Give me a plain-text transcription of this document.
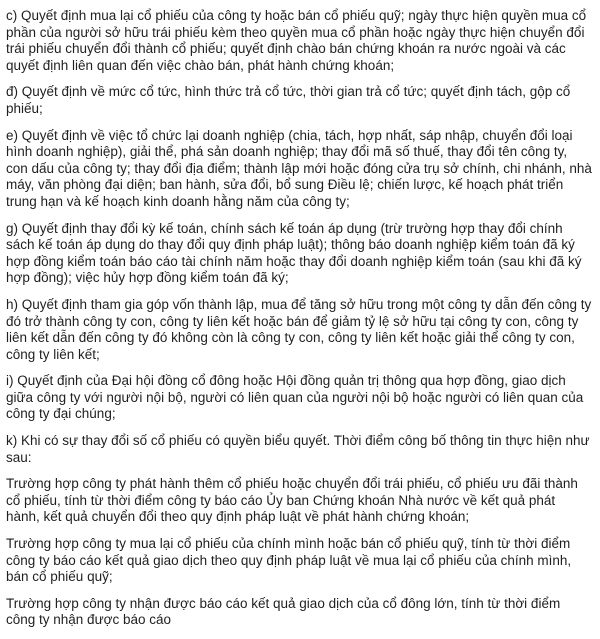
c) Quyết định mua lại cổ phiếu của công ty hoặc bán cổ phiếu quỹ; ngày thực hiện quyền mua cổ phần của người sở hữu trái phiếu kèm theo quyền mua cổ phần hoặc ngày thực hiện chuyển đổi trái phiếu chuyển đổi thành cổ phiếu; quyết định chào bán chứng khoán ra nước ngoài và các quyết định liên quan đến việc chào bán, phát hành chứng khoán;

đ) Quyết định về mức cổ tức, hình thức trả cổ tức, thời gian trả cổ tức; quyết định tách, gộp cổ phiếu;

e) Quyết định về việc tổ chức lại doanh nghiệp (chia, tách, hợp nhất, sáp nhập, chuyển đổi loại hình doanh nghiệp), giải thể, phá sản doanh nghiệp; thay đổi mã số thuế, thay đổi tên công ty, con dấu của công ty; thay đổi địa điểm; thành lập mới hoặc đóng cửa trụ sở chính, chi nhánh, nhà máy, văn phòng đại diện; ban hành, sửa đổi, bổ sung Điều lệ; chiến lược, kế hoạch phát triển trung hạn và kế hoạch kinh doanh hằng năm của công ty;

g) Quyết định thay đổi kỳ kế toán, chính sách kế toán áp dụng (trừ trường hợp thay đổi chính sách kế toán áp dụng do thay đổi quy định pháp luật); thông báo doanh nghiệp kiểm toán đã ký hợp đồng kiểm toán báo cáo tài chính năm hoặc thay đổi doanh nghiệp kiểm toán (sau khi đã ký hợp đồng); việc hủy hợp đồng kiểm toán đã ký;

h) Quyết định tham gia góp vốn thành lập, mua để tăng sở hữu trong một công ty dẫn đến công ty đó trở thành công ty con, công ty liên kết hoặc bán để giảm tỷ lệ sở hữu tại công ty con, công ty liên kết dẫn đến công ty đó không còn là công ty con, công ty liên kết hoặc giải thể công ty con, công ty liên kết;

i) Quyết định của Đại hội đồng cổ đông hoặc Hội đồng quản trị thông qua hợp đồng, giao dịch giữa công ty với người nội bộ, người có liên quan của người nội bộ hoặc người có liên quan của công ty đại chúng;

k) Khi có sự thay đổi số cổ phiếu có quyền biểu quyết. Thời điểm công bố thông tin thực hiện như sau:

Trường hợp công ty phát hành thêm cổ phiếu hoặc chuyển đổi trái phiếu, cổ phiếu ưu đãi thành cổ phiếu, tính từ thời điểm công ty báo cáo Ủy ban Chứng khoán Nhà nước về kết quả phát hành, kết quả chuyển đổi theo quy định pháp luật về phát hành chứng khoán;

Trường hợp công ty mua lại cổ phiếu của chính mình hoặc bán cổ phiếu quỹ, tính từ thời điểm công ty báo cáo kết quả giao dịch theo quy định pháp luật về mua lại cổ phiếu của chính mình, bán cổ phiếu quỹ;

Trường hợp công ty nhận được báo cáo kết quả giao dịch của cổ đông lớn, tính từ thời điểm công ty nhận được báo cáo
